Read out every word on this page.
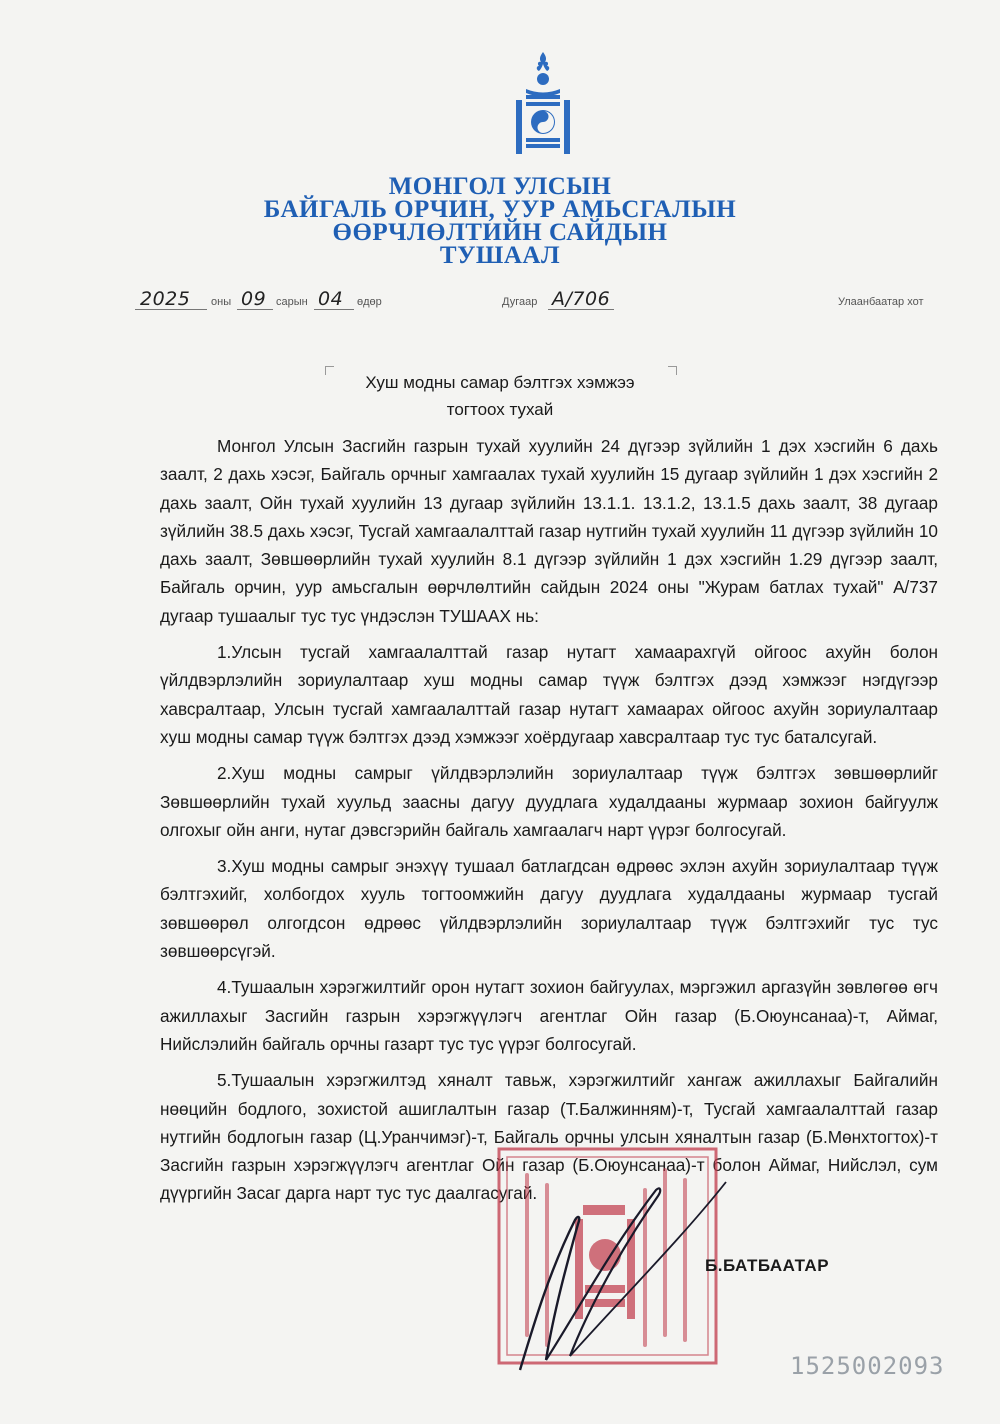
МОНГОЛ УЛСЫН
БАЙГАЛЬ ОРЧИН, УУР АМЬСГАЛЫН
ӨӨРЧЛӨЛТИЙН САЙДЫН
ТУШААЛ
2025 оны 09 сарын 04 өдөр	Дугаар А/706	Улаанбаатар хот
Хуш модны самар бэлтгэх хэмжээ
тогтоох тухай

Монгол Улсын Засгийн газрын тухай хуулийн 24 дүгээр зүйлийн 1 дэх хэсгийн 6 дахь заалт, 2 дахь хэсэг, Байгаль орчныг хамгаалах тухай хуулийн 15 дугаар зүйлийн 1 дэх хэсгийн 2 дахь заалт, Ойн тухай хуулийн 13 дугаар зүйлийн 13.1.1. 13.1.2, 13.1.5 дахь заалт, 38 дугаар зүйлийн 38.5 дахь хэсэг, Тусгай хамгаалалттай газар нутгийн тухай хуулийн 11 дүгээр зүйлийн 10 дахь заалт, Зөвшөөрлийн тухай хуулийн 8.1 дүгээр зүйлийн 1 дэх хэсгийн 1.29 дүгээр заалт, Байгаль орчин, уур амьсгалын өөрчлөлтийн сайдын 2024 оны "Журам батлах тухай" А/737 дугаар тушаалыг тус тус үндэслэн ТУШААХ нь:

1.Улсын тусгай хамгаалалттай газар нутагт хамаарахгүй ойгоос ахуйн болон үйлдвэрлэлийн зориулалтаар хуш модны самар түүж бэлтгэх дээд хэмжээг нэгдүгээр хавсралтаар, Улсын тусгай хамгаалалттай газар нутагт хамаарах ойгоос ахуйн зориулалтаар хуш модны самар түүж бэлтгэх дээд хэмжээг хоёрдугаар хавсралтаар тус тус баталсугай.

2.Хуш модны самрыг үйлдвэрлэлийн зориулалтаар түүж бэлтгэх зөвшөөрлийг Зөвшөөрлийн тухай хуульд заасны дагуу дуудлага худалдааны журмаар зохион байгуулж олгохыг ойн анги, нутаг дэвсгэрийн байгаль хамгаалагч нарт үүрэг болгосугай.

3.Хуш модны самрыг энэхүү тушаал батлагдсан өдрөөс эхлэн ахуйн зориулалтаар түүж бэлтгэхийг, холбогдох хууль тогтоомжийн дагуу дуудлага худалдааны журмаар тусгай зөвшөөрөл олгогдсон өдрөөс үйлдвэрлэлийн зориулалтаар түүж бэлтгэхийг тус тус зөвшөөрсүгэй.

4.Тушаалын хэрэгжилтийг орон нутагт зохион байгуулах, мэргэжил аргазүйн зөвлөгөө өгч ажиллахыг Засгийн газрын хэрэгжүүлэгч агентлаг Ойн газар (Б.Оюунсанаа)-т, Аймаг, Нийслэлийн байгаль орчны газарт тус тус үүрэг болгосугай.

5.Тушаалын хэрэгжилтэд хяналт тавьж, хэрэгжилтийг хангаж ажиллахыг Байгалийн нөөцийн бодлого, зохистой ашиглалтын газар (Т.Балжинням)-т, Тусгай хамгаалалттай газар нутгийн бодлогын газар (Ц.Уранчимэг)-т, Байгаль орчны улсын хяналтын газар (Б.Мөнхтогтох)-т Засгийн газрын хэрэгжүүлэгч агентлаг Ойн газар (Б.Оюунсанаа)-т болон Аймаг, Нийслэл, сум дүүргийн Засаг дарга нарт тус тус даалгасугай.

Б.БАТБААТАР
1525002093
